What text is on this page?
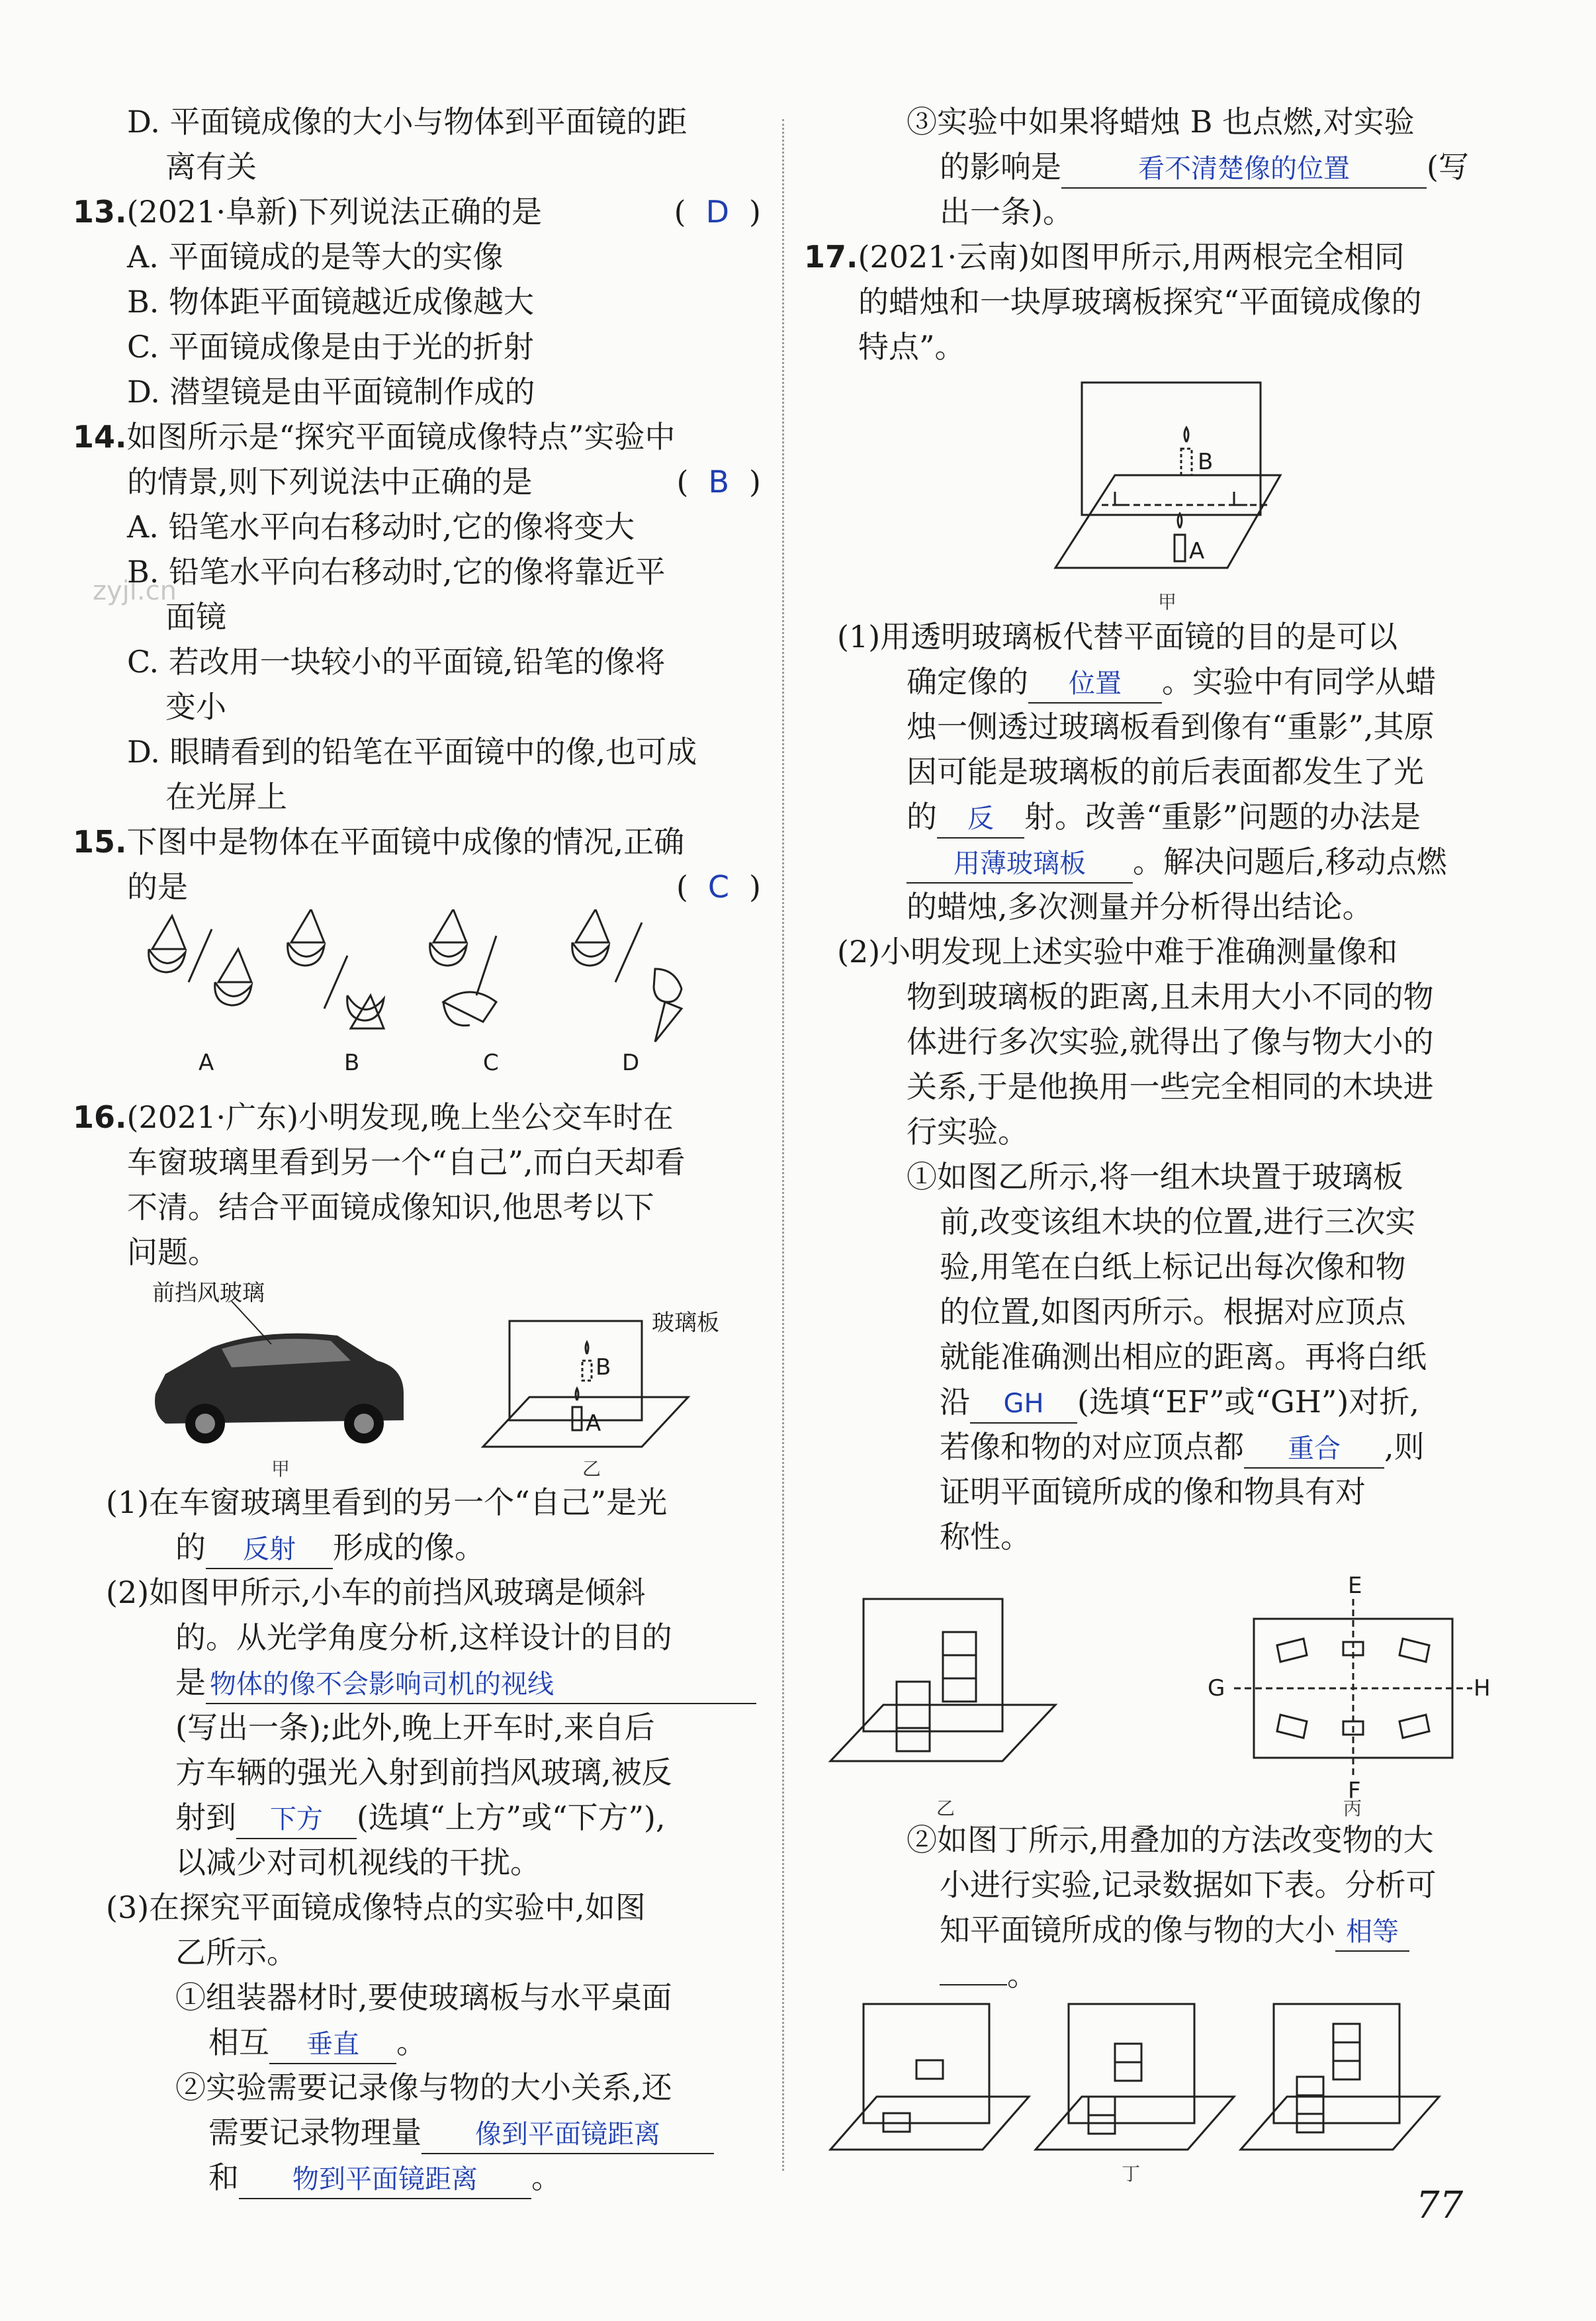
zyjl.cn
D. 平面镜成像的大小与物体到平面镜的距
离有关
13.(2021·阜新)下列说法正确的是	( D )
A. 平面镜成的是等大的实像
B. 物体距平面镜越近成像越大
C. 平面镜成像是由于光的折射
D. 潜望镜是由平面镜制作成的
14.如图所示是“探究平面镜成像特点”实验中
的情景,则下列说法中正确的是	( B )
A. 铅笔水平向右移动时,它的像将变大
B. 铅笔水平向右移动时,它的像将靠近平
面镜
C. 若改用一块较小的平面镜,铅笔的像将
变小
D. 眼睛看到的铅笔在平面镜中的像,也可成
在光屏上
15.下图中是物体在平面镜中成像的情况,正确
的是	( C )
A	B	C	D
16.(2021·广东)小明发现,晚上坐公交车时在
车窗玻璃里看到另一个“自己”,而白天却看
不清。结合平面镜成像知识,他思考以下
问题。
前挡风玻璃
B
A
玻璃板
甲	乙
(1)在车窗玻璃里看到的另一个“自己”是光
的 反射 形成的像。
(2)如图甲所示,小车的前挡风玻璃是倾斜
的。从光学角度分析,这样设计的目的
是 物体的像不会影响司机的视线
(写出一条);此外,晚上开车时,来自后
方车辆的强光入射到前挡风玻璃,被反
射到 下方 (选填“上方”或“下方”),
以减少对司机视线的干扰。
(3)在探究平面镜成像特点的实验中,如图
乙所示。
①组装器材时,要使玻璃板与水平桌面
相互 垂直 。
②实验需要记录像与物的大小关系,还
需要记录物理量 像到平面镜距离
和 物到平面镜距离 。
③实验中如果将蜡烛 B 也点燃,对实验
的影响是	看不清楚像的位置	(写
出一条)。
17.(2021·云南)如图甲所示,用两根完全相同
的蜡烛和一块厚玻璃板探究“平面镜成像的
特点”。
B
A
甲
(1)用透明玻璃板代替平面镜的目的是可以
确定像的 位置 。实验中有同学从蜡
烛一侧透过玻璃板看到像有“重影”,其原
因可能是玻璃板的前后表面都发生了光
的 反 射。改善“重影”问题的办法是
用薄玻璃板 。解决问题后,移动点燃
的蜡烛,多次测量并分析得出结论。
(2)小明发现上述实验中难于准确测量像和
物到玻璃板的距离,且未用大小不同的物
体进行多次实验,就得出了像与物大小的
关系,于是他换用一些完全相同的木块进
行实验。
①如图乙所示,将一组木块置于玻璃板
前,改变该组木块的位置,进行三次实
验,用笔在白纸上标记出每次像和物
的位置,如图丙所示。根据对应顶点
就能准确测出相应的距离。再将白纸
沿 GH (选填“EF”或“GH”)对折,
若像和物的对应顶点都 重合 ,则
证明平面镜所成的像和物具有对
称性。
E
F
G	H
乙	丙
②如图丁所示,用叠加的方法改变物的大
小进行实验,记录数据如下表。分析可
知平面镜所成的像与物的大小 相等
。
丁
77
